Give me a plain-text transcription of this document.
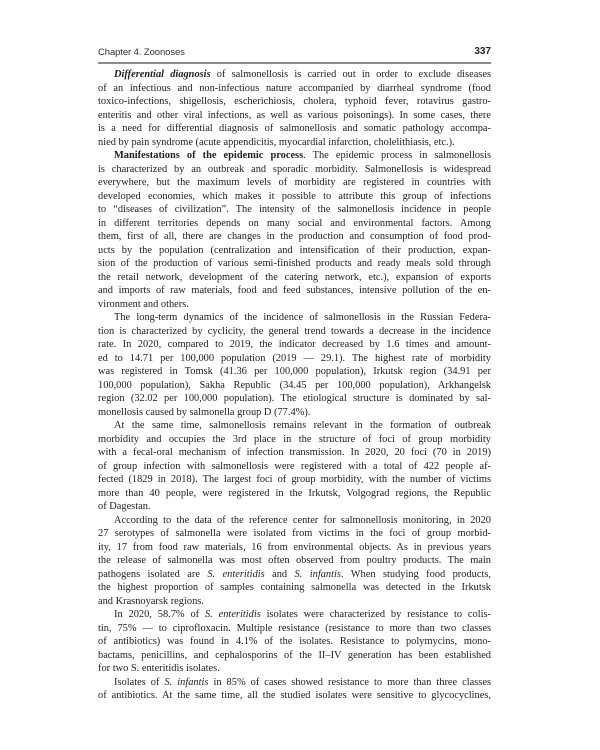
Chapter 4. Zoonoses	337
Differential diagnosis of salmonellosis is carried out in order to exclude diseases
of an infectious and non-infectious nature accompanied by diarrheal syndrome (food
toxico-infections, shigellosis, escherichiosis, cholera, typhoid fever, rotavirus gastro-
enteritis and other viral infections, as well as various poisonings). In some cases, there
is a need for differential diagnosis of salmonellosis and somatic pathology accompa-
nied by pain syndrome (acute appendicitis, myocardial infarction, cholelithiasis, etc.).
Manifestations of the epidemic process. The epidemic process in salmonellosis
is characterized by an outbreak and sporadic morbidity. Salmonellosis is widespread
everywhere, but the maximum levels of morbidity are registered in countries with
developed economies, which makes it possible to attribute this group of infections
to “diseases of civilization”. The intensity of the salmonellosis incidence in people
in different territories depends on many social and environmental factors. Among
them, first of all, there are changes in the production and consumption of food prod-
ucts by the population (centralization and intensification of their production, expan-
sion of the production of various semi-finished products and ready meals sold through
the retail network, development of the catering network, etc.), expansion of exports
and imports of raw materials, food and feed substances, intensive pollution of the en-
vironment and others.
The long-term dynamics of the incidence of salmonellosis in the Russian Federa-
tion is characterized by cyclicity, the general trend towards a decrease in the incidence
rate. In 2020, compared to 2019, the indicator decreased by 1.6 times and amount-
ed to 14.71 per 100,000 population (2019 — 29.1). The highest rate of morbidity
was registered in Tomsk (41.36 per 100,000 population), Irkutsk region (34.91 per
100,000 population), Sakha Republic (34.45 per 100,000 population), Arkhangelsk
region (32.02 per 100,000 population). The etiological structure is dominated by sal-
monellosis caused by salmonella group D (77.4%).
At the same time, salmonellosis remains relevant in the formation of outbreak
morbidity and occupies the 3rd place in the structure of foci of group morbidity
with a fecal-oral mechanism of infection transmission. In 2020, 20 foci (70 in 2019)
of group infection with salmonellosis were registered with a total of 422 people af-
fected (1829 in 2018). The largest foci of group morbidity, with the number of victims
more than 40 people, were registered in the Irkutsk, Volgograd regions, the Republic
of Dagestan.
According to the data of the reference center for salmonellosis monitoring, in 2020
27 serotypes of salmonella were isolated from victims in the foci of group morbid-
ity, 17 from food raw materials, 16 from environmental objects. As in previous years
the release of salmonella was most often observed from poultry products. The main
pathogens isolated are S. enteritidis and S. infantis. When studying food products,
the highest proportion of samples containing salmonella was detected in the Irkutsk
and Krasnoyarsk regions.
In 2020, 58.7% of S. enteritidis isolates were characterized by resistance to colis-
tin, 75% — to ciprofloxacin. Multiple resistance (resistance to more than two classes
of antibiotics) was found in 4.1% of the isolates. Resistance to polymycins, mono-
bactams, penicillins, and cephalosporins of the II–IV generation has been established
for two S. enteritidis isolates.
Isolates of S. infantis in 85% of cases showed resistance to more than three classes
of antibiotics. At the same time, all the studied isolates were sensitive to glycocyclines,
